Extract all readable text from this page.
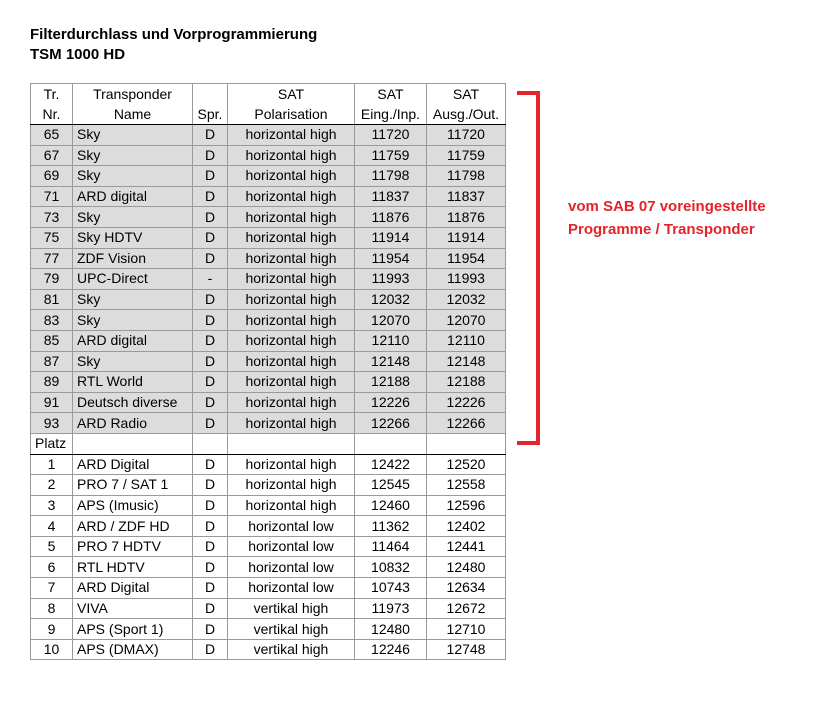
Filterdurchlass und Vorprogrammierung
TSM 1000 HD
Tr.	Transponder		SAT	SAT	SAT
Nr.	Name	Spr.	Polarisation	Eing./Inp.	Ausg./Out.
65	Sky	D	horizontal high	11720	11720
67	Sky	D	horizontal high	11759	11759
69	Sky	D	horizontal high	11798	11798
71	ARD digital	D	horizontal high	11837	11837
73	Sky	D	horizontal high	11876	11876
75	Sky HDTV	D	horizontal high	11914	11914
77	ZDF Vision	D	horizontal high	11954	11954
79	UPC-Direct	-	horizontal high	11993	11993
81	Sky	D	horizontal high	12032	12032
83	Sky	D	horizontal high	12070	12070
85	ARD digital	D	horizontal high	12110	12110
87	Sky	D	horizontal high	12148	12148
89	RTL World	D	horizontal high	12188	12188
91	Deutsch diverse	D	horizontal high	12226	12226
93	ARD Radio	D	horizontal high	12266	12266
Platz					
1	ARD Digital	D	horizontal high	12422	12520
2	PRO 7 / SAT 1	D	horizontal high	12545	12558
3	APS (Imusic)	D	horizontal high	12460	12596
4	ARD / ZDF HD	D	horizontal low	11362	12402
5	PRO 7 HDTV	D	horizontal low	11464	12441
6	RTL HDTV	D	horizontal low	10832	12480
7	ARD Digital	D	horizontal low	10743	12634
8	VIVA	D	vertikal high	11973	12672
9	APS (Sport 1)	D	vertikal high	12480	12710
10	APS (DMAX)	D	vertikal high	12246	12748
vom SAB 07 voreingestellte
Programme / Transponder
